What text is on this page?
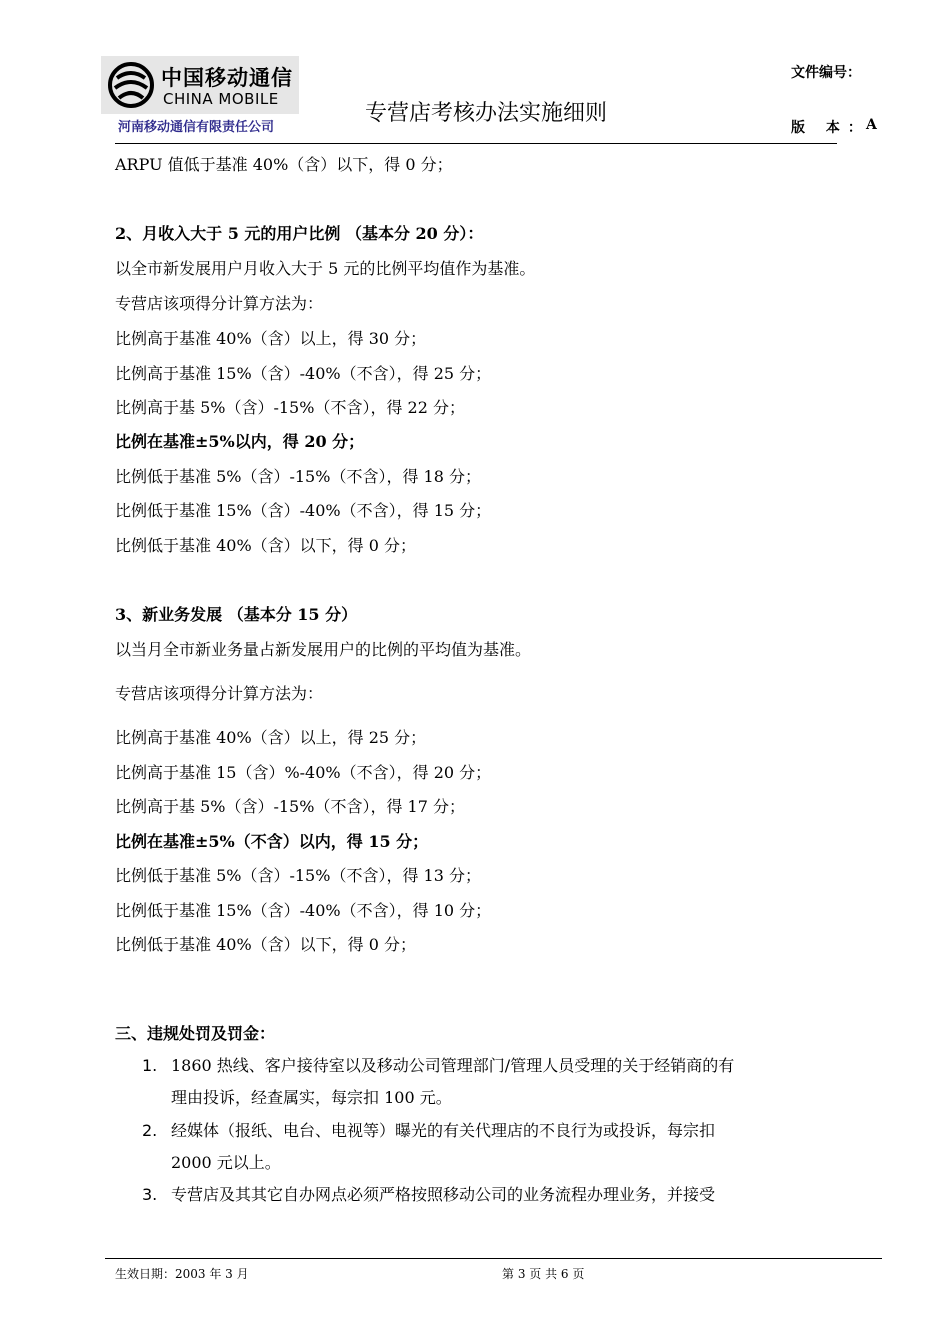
中国移动通信
CHINA MOBILE
河南移动通信有限责任公司
专营店考核办法实施细则
文件编号：
版 本：
A
ARPU 值低于基准 40%（含）以下，得 0 分；
2、月收入大于 5 元的用户比例 （基本分 20 分）：
以全市新发展用户月收入大于 5 元的比例平均值作为基准。
专营店该项得分计算方法为：
比例高于基准 40%（含）以上，得 30 分；
比例高于基准 15%（含）-40%（不含），得 25 分；
比例高于基 5%（含）-15%（不含），得 22 分；
比例在基准±5%以内，得 20 分；
比例低于基准 5%（含）-15%（不含），得 18 分；
比例低于基准 15%（含）-40%（不含），得 15 分；
比例低于基准 40%（含）以下，得 0 分；
3、新业务发展 （基本分 15 分）
以当月全市新业务量占新发展用户的比例的平均值为基准。
专营店该项得分计算方法为：
比例高于基准 40%（含）以上，得 25 分；
比例高于基准 15（含）%-40%（不含），得 20 分；
比例高于基 5%（含）-15%（不含），得 17 分；
比例在基准±5%（不含）以内，得 15 分；
比例低于基准 5%（含）-15%（不含），得 13 分；
比例低于基准 15%（含）-40%（不含），得 10 分；
比例低于基准 40%（含）以下，得 0 分；
三、违规处罚及罚金：
1. 1860 热线、客户接待室以及移动公司管理部门/管理人员受理的关于经销商的有
理由投诉，经查属实，每宗扣 100 元。
2. 经媒体（报纸、电台、电视等）曝光的有关代理店的不良行为或投诉，每宗扣
2000 元以上。
3. 专营店及其其它自办网点必须严格按照移动公司的业务流程办理业务，并接受
生效日期：2003 年 3 月	第 3 页 共 6 页
